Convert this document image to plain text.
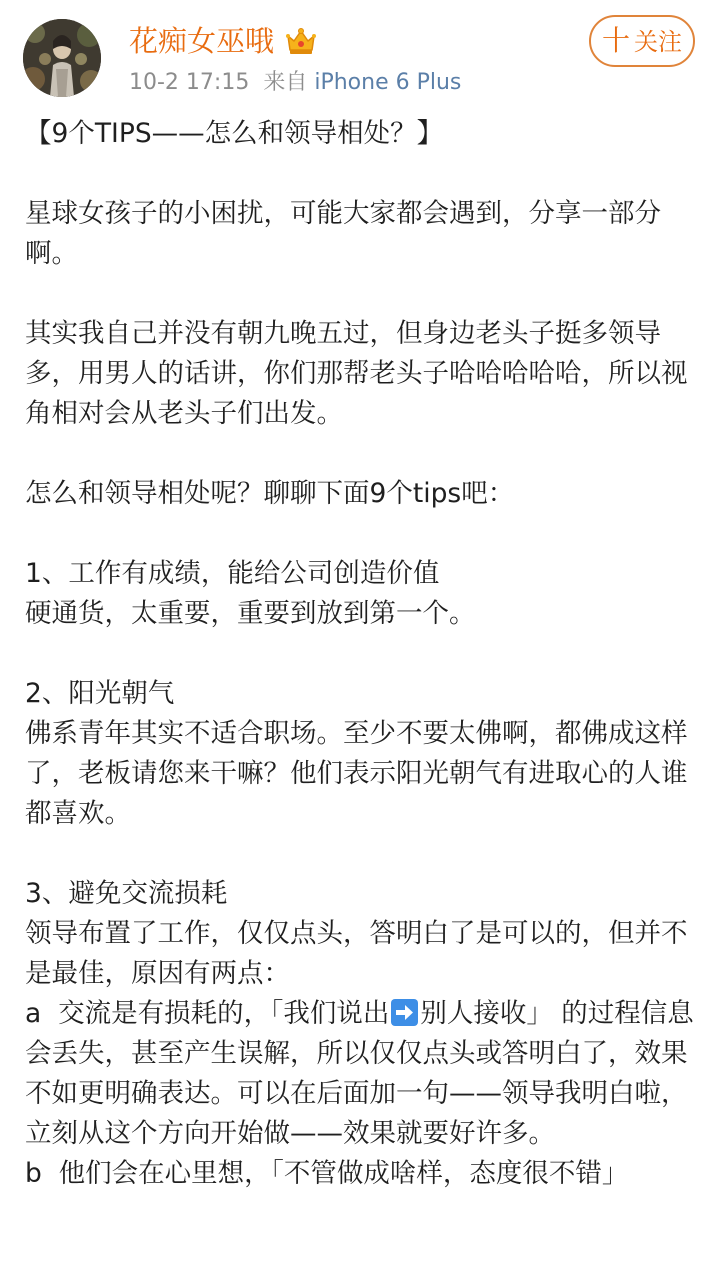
花痴女巫哦
10-2 17:15 来自 iPhone 6 Plus
十 关注

【9个TIPS——怎么和领导相处？】

星球女孩子的小困扰，可能大家都会遇到，分享一部分啊。

其实我自己并没有朝九晚五过，但身边老头子挺多领导多，用男人的话讲，你们那帮老头子哈哈哈哈哈，所以视角相对会从老头子们出发。

怎么和领导相处呢？聊聊下面9个tips吧：

1、工作有成绩，能给公司创造价值

硬通货，太重要，重要到放到第一个。

2、阳光朝气

佛系青年其实不适合职场。至少不要太佛啊，都佛成这样了，老板请您来干嘛？他们表示阳光朝气有进取心的人谁都喜欢。

3、避免交流损耗

领导布置了工作，仅仅点头，答明白了是可以的，但并不是最佳，原因有两点：

a  交流是有损耗的，「我们说出 别人接收」 的过程信息会丢失，甚至产生误解，所以仅仅点头或答明白了，效果不如更明确表达。可以在后面加一句——领导我明白啦，立刻从这个方向开始做——效果就要好许多。

b  他们会在心里想，「不管做成啥样，态度很不错」
